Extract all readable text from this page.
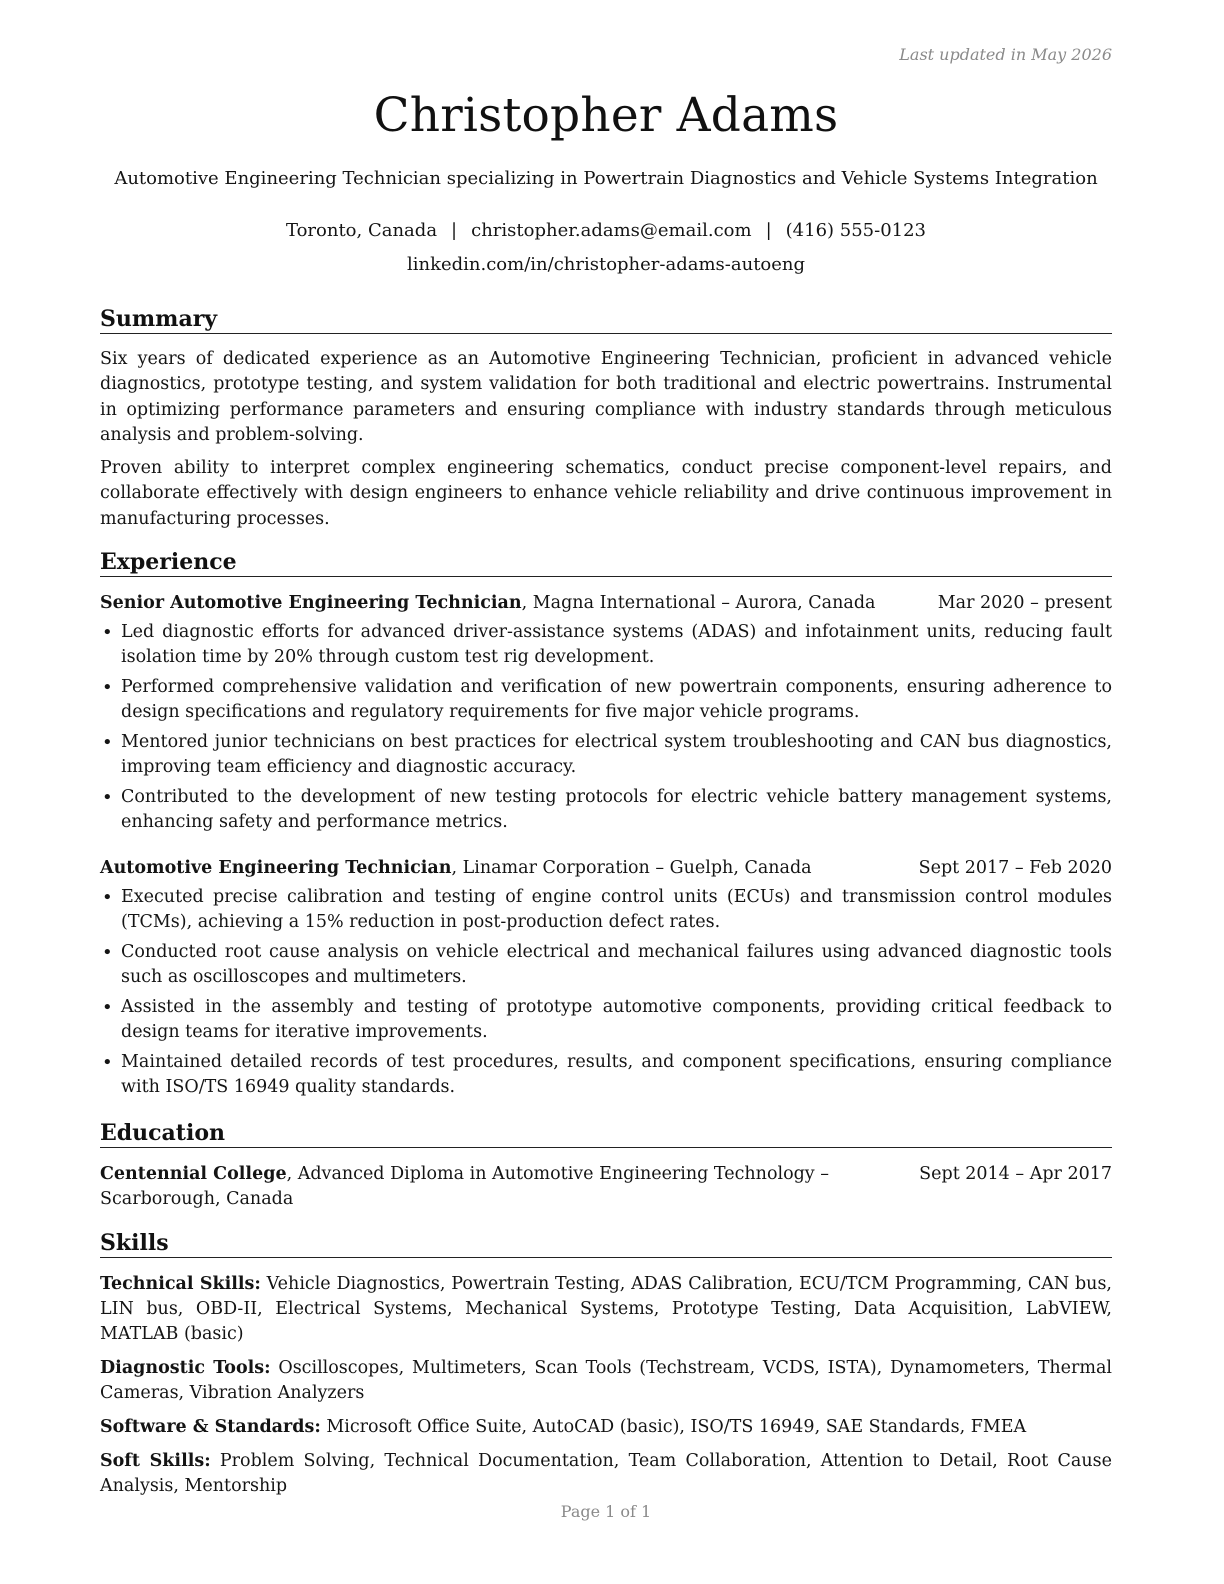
Last updated in May 2026
Christopher Adams
Automotive Engineering Technician specializing in Powertrain Diagnostics and Vehicle Systems Integration
Toronto, Canada | christopher.adams@email.com | (416) 555-0123
linkedin.com/in/christopher-adams-autoeng
Summary

Six years of dedicated experience as an Automotive Engineering Technician, proficient in advanced vehicle diagnostics, prototype testing, and system validation for both traditional and electric powertrains. Instrumental in optimizing performance parameters and ensuring compliance with industry standards through meticulous analysis and problem-solving.

Proven ability to interpret complex engineering schematics, conduct precise component-level repairs, and collaborate effectively with design engineers to enhance vehicle reliability and drive continuous improvement in manufacturing processes.

Experience
Senior Automotive Engineering Technician, Magna International – Aurora, Canada	Mar 2020 – present
• Led diagnostic efforts for advanced driver-assistance systems (ADAS) and infotainment units, reducing fault isolation time by 20% through custom test rig development.
• Performed comprehensive validation and verification of new powertrain components, ensuring adherence to design specifications and regulatory requirements for five major vehicle programs.
• Mentored junior technicians on best practices for electrical system troubleshooting and CAN bus diagnostics, improving team efficiency and diagnostic accuracy.
• Contributed to the development of new testing protocols for electric vehicle battery management systems, enhancing safety and performance metrics.
Automotive Engineering Technician, Linamar Corporation – Guelph, Canada	Sept 2017 – Feb 2020
• Executed precise calibration and testing of engine control units (ECUs) and transmission control modules (TCMs), achieving a 15% reduction in post-production defect rates.
• Conducted root cause analysis on vehicle electrical and mechanical failures using advanced diagnostic tools such as oscilloscopes and multimeters.
• Assisted in the assembly and testing of prototype automotive components, providing critical feedback to design teams for iterative improvements.
• Maintained detailed records of test procedures, results, and component specifications, ensuring compliance with ISO/TS 16949 quality standards.
Education
Centennial College, Advanced Diploma in Automotive Engineering Technology – Scarborough, Canada
Sept 2014 – Apr 2017
Skills

Technical Skills: Vehicle Diagnostics, Powertrain Testing, ADAS Calibration, ECU/TCM Programming, CAN bus, LIN bus, OBD-II, Electrical Systems, Mechanical Systems, Prototype Testing, Data Acquisition, LabVIEW, MATLAB (basic)

Diagnostic Tools: Oscilloscopes, Multimeters, Scan Tools (Techstream, VCDS, ISTA), Dynamometers, Thermal Cameras, Vibration Analyzers

Software & Standards: Microsoft Office Suite, AutoCAD (basic), ISO/TS 16949, SAE Standards, FMEA

Soft Skills: Problem Solving, Technical Documentation, Team Collaboration, Attention to Detail, Root Cause Analysis, Mentorship

Page 1 of 1
